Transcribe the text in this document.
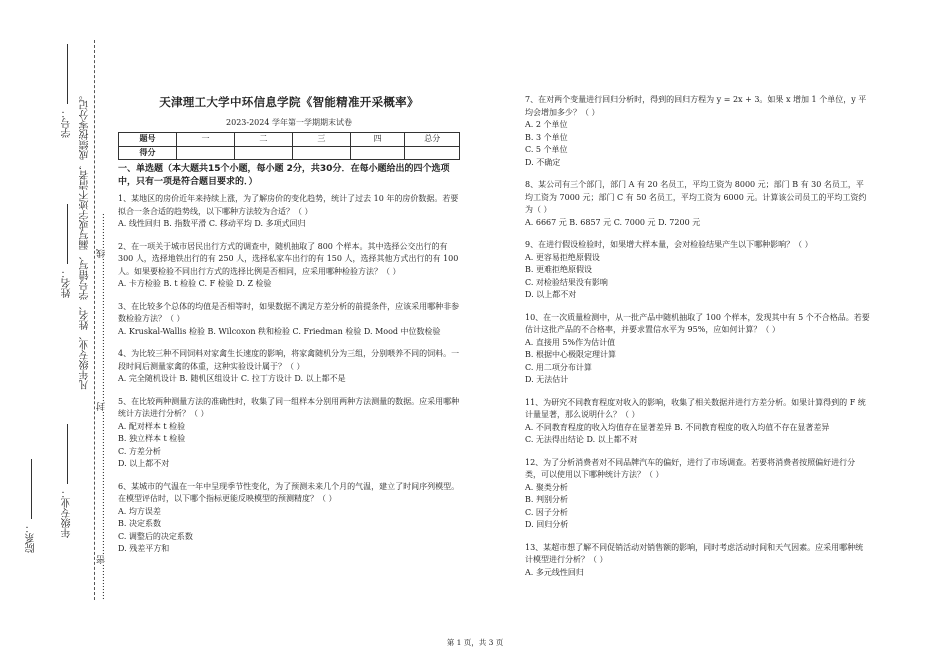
年级专业：
姓名：
学号： 凡年级专业、姓名、学号错写、漏写或字迹不清者，成绩按零分记。 …………密…………………………………………封…………………………………………线…………
院系：
天津理工大学中环信息学院《智能精准开采概率》
2023-2024 学年第一学期期末试卷
题号	一	二	三	四	总分
得分					
一、单选题（本大题共15个小题，每小题 2分，共30分．在每小题给出的四个选项中，只有一项是符合题目要求的．）

1、某地区的房价近年来持续上涨，为了解房价的变化趋势，统计了过去 10 年的房价数据。若要拟合一条合适的趋势线，以下哪种方法较为合适？（ ）

A. 线性回归 B. 指数平滑 C. 移动平均 D. 多项式回归

2、在一项关于城市居民出行方式的调查中，随机抽取了 800 个样本。其中选择公交出行的有 300 人，选择地铁出行的有 250 人，选择私家车出行的有 150 人，选择其他方式出行的有 100 人。如果要检验不同出行方式的选择比例是否相同，应采用哪种检验方法？（ ）

A. 卡方检验 B. t 检验 C. F 检验 D. Z 检验

3、在比较多个总体的均值是否相等时，如果数据不满足方差分析的前提条件，应该采用哪种非参数检验方法？（ ）

A. Kruskal-Wallis 检验 B. Wilcoxon 秩和检验 C. Friedman 检验 D. Mood 中位数检验

4、为比较三种不同饲料对家禽生长速度的影响，将家禽随机分为三组，分别喂养不同的饲料。一段时间后测量家禽的体重，这种实验设计属于？（ ）

A. 完全随机设计 B. 随机区组设计 C. 拉丁方设计 D. 以上都不是

5、在比较两种测量方法的准确性时，收集了同一组样本分别用两种方法测量的数据。应采用哪种统计方法进行分析？（ ）

A. 配对样本 t 检验

B. 独立样本 t 检验

C. 方差分析

D. 以上都不对

6、某城市的气温在一年中呈现季节性变化，为了预测未来几个月的气温，建立了时间序列模型。在模型评估时，以下哪个指标更能反映模型的预测精度？（ ）

A. 均方误差

B. 决定系数

C. 调整后的决定系数

D. 残差平方和

7、在对两个变量进行回归分析时，得到的回归方程为 y = 2x + 3。如果 x 增加 1 个单位，y 平均会增加多少？（ ）

A. 2 个单位

B. 3 个单位

C. 5 个单位

D. 不确定

8、某公司有三个部门，部门 A 有 20 名员工，平均工资为 8000 元；部门 B 有 30 名员工，平均工资为 7000 元；部门 C 有 50 名员工，平均工资为 6000 元。计算该公司员工的平均工资约为（ ）

A. 6667 元 B. 6857 元 C. 7000 元 D. 7200 元

9、在进行假设检验时，如果增大样本量，会对检验结果产生以下哪种影响？（ ）

A. 更容易拒绝原假设

B. 更难拒绝原假设

C. 对检验结果没有影响

D. 以上都不对

10、在一次质量检测中，从一批产品中随机抽取了 100 个样本，发现其中有 5 个不合格品。若要估计这批产品的不合格率，并要求置信水平为 95%，应如何计算？（ ）

A. 直接用 5%作为估计值

B. 根据中心极限定理计算

C. 用二项分布计算

D. 无法估计

11、为研究不同教育程度对收入的影响，收集了相关数据并进行方差分析。如果计算得到的 F 统计量显著，那么说明什么？（ ）

A. 不同教育程度的收入均值存在显著差异 B. 不同教育程度的收入均值不存在显著差异

C. 无法得出结论 D. 以上都不对

12、为了分析消费者对不同品牌汽车的偏好，进行了市场调查。若要将消费者按照偏好进行分类，可以使用以下哪种统计方法？（ ）

A. 聚类分析

B. 判别分析

C. 因子分析

D. 回归分析

13、某超市想了解不同促销活动对销售额的影响，同时考虑活动时间和天气因素。应采用哪种统计模型进行分析？（ ）

A. 多元线性回归

第 1 页，共 3 页
